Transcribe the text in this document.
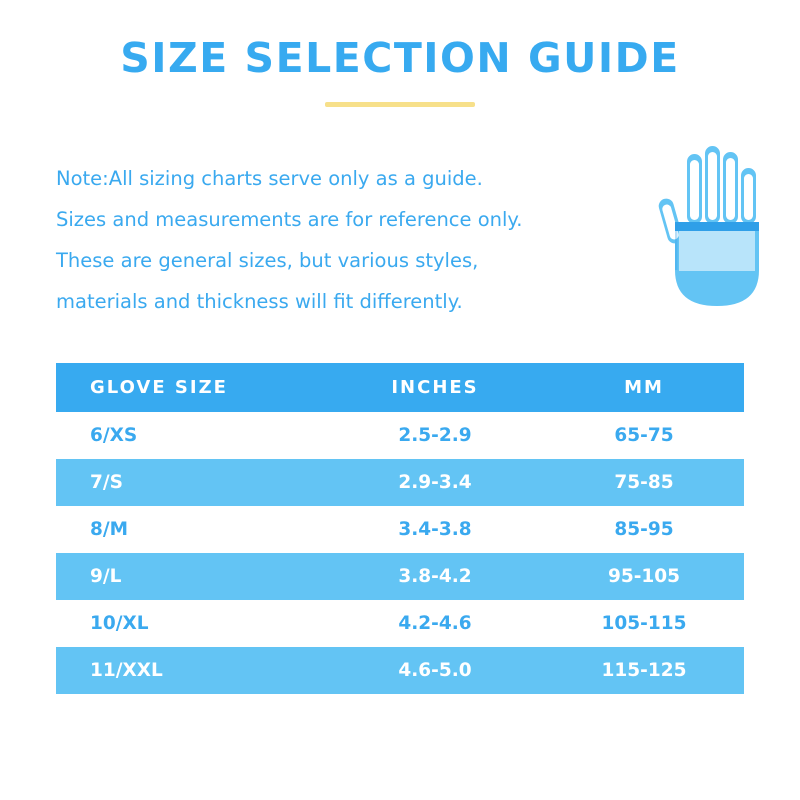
SIZE SELECTION GUIDE
Note:All sizing charts serve only as a guide.
Sizes and measurements are for reference only.
These are general sizes, but various styles,
materials and thickness will fit differently.
GLOVE SIZE	INCHES	MM
6/XS	2.5-2.9	65-75
7/S	2.9-3.4	75-85
8/M	3.4-3.8	85-95
9/L	3.8-4.2	95-105
10/XL	4.2-4.6	105-115
11/XXL	4.6-5.0	115-125
